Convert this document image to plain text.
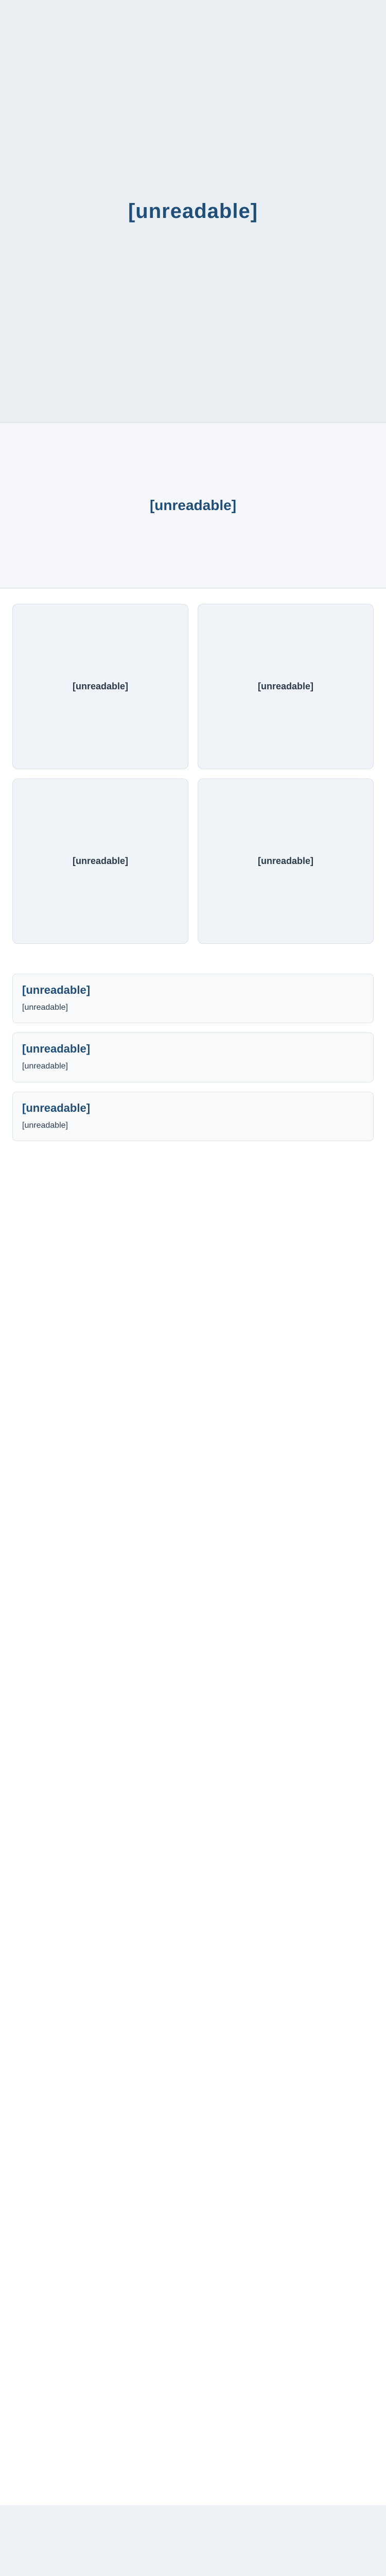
[unreadable]
[unreadable]
[unreadable]	[unreadable]
[unreadable]	[unreadable]
[unreadable]
[unreadable]
[unreadable]
[unreadable]
[unreadable]
[unreadable]
